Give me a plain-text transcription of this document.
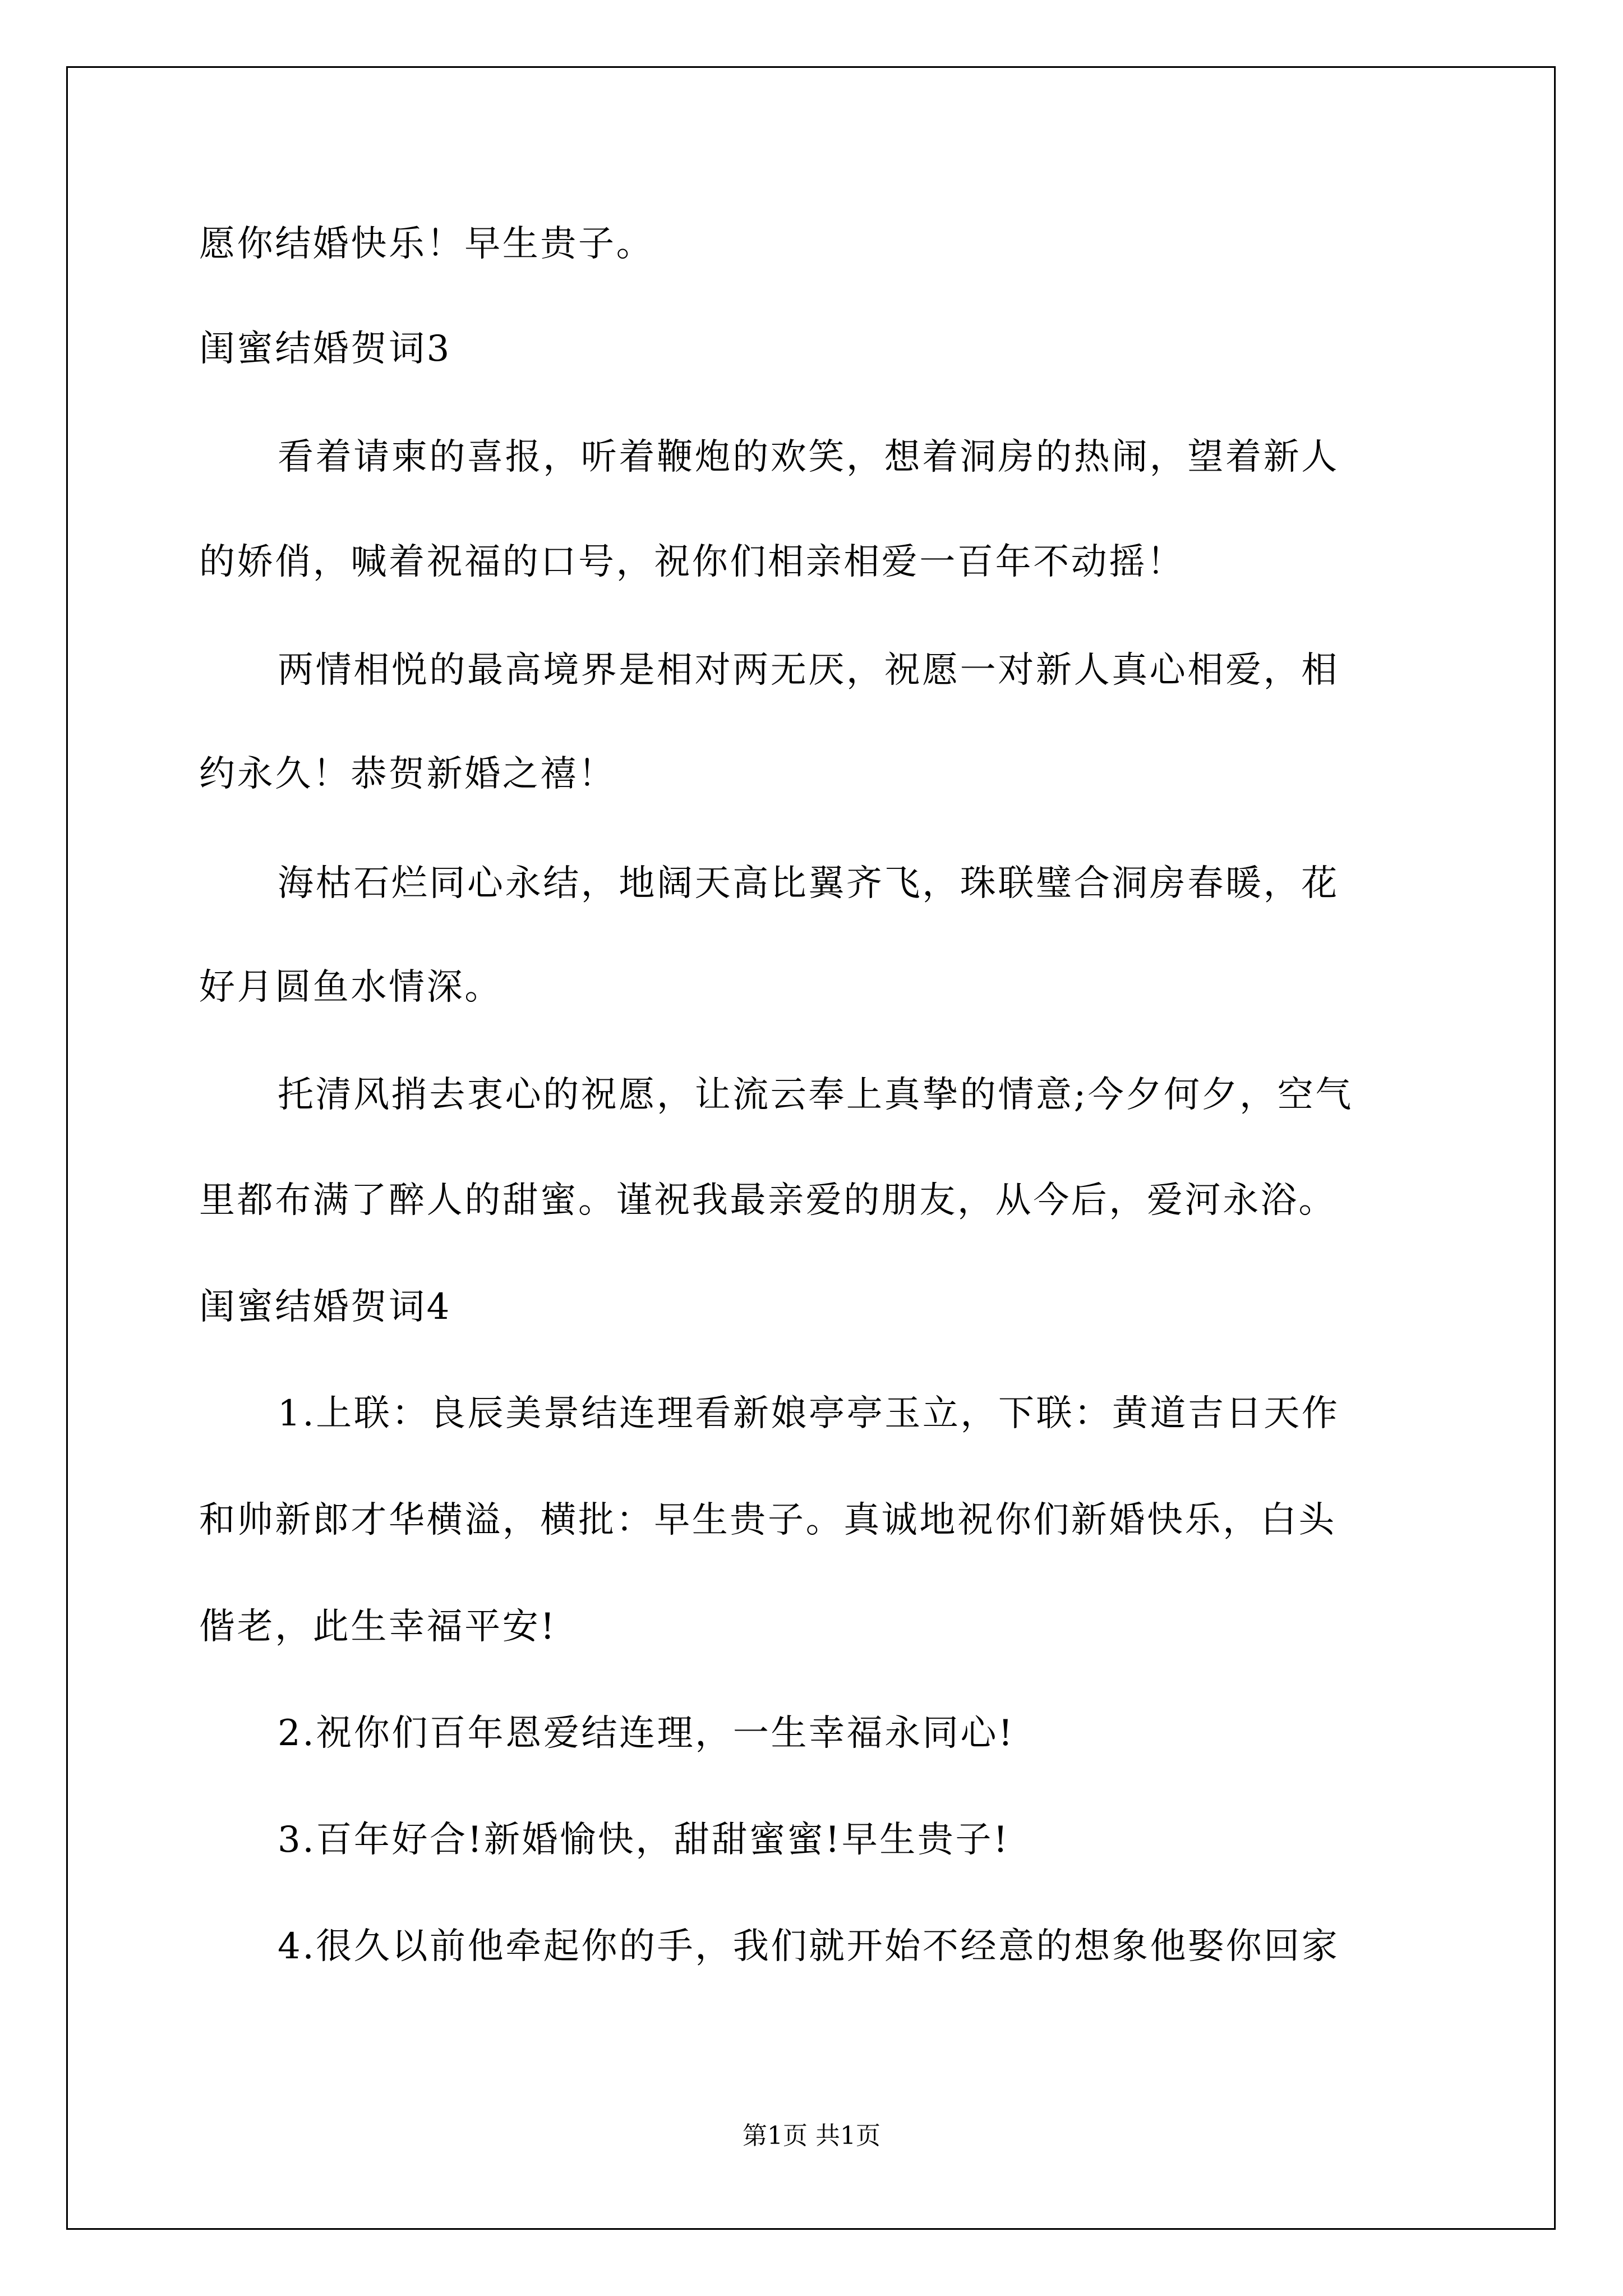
愿你结婚快乐！早生贵子。
闺蜜结婚贺词3
看着请柬的喜报，听着鞭炮的欢笑，想着洞房的热闹，望着新人
的娇俏，喊着祝福的口号，祝你们相亲相爱一百年不动摇！
两情相悦的最高境界是相对两无厌，祝愿一对新人真心相爱，相
约永久！恭贺新婚之禧！
海枯石烂同心永结，地阔天高比翼齐飞，珠联璧合洞房春暖，花
好月圆鱼水情深。
托清风捎去衷心的祝愿，让流云奉上真挚的情意;今夕何夕，空气
里都布满了醉人的甜蜜。谨祝我最亲爱的朋友，从今后，爱河永浴。
闺蜜结婚贺词4
1.上联：良辰美景结连理看新娘亭亭玉立，下联：黄道吉日天作
和帅新郎才华横溢，横批：早生贵子。真诚地祝你们新婚快乐，白头
偕老，此生幸福平安!
2.祝你们百年恩爱结连理，一生幸福永同心!
3.百年好合!新婚愉快，甜甜蜜蜜!早生贵子!
4.很久以前他牵起你的手，我们就开始不经意的想象他娶你回家
第1页 共1页
